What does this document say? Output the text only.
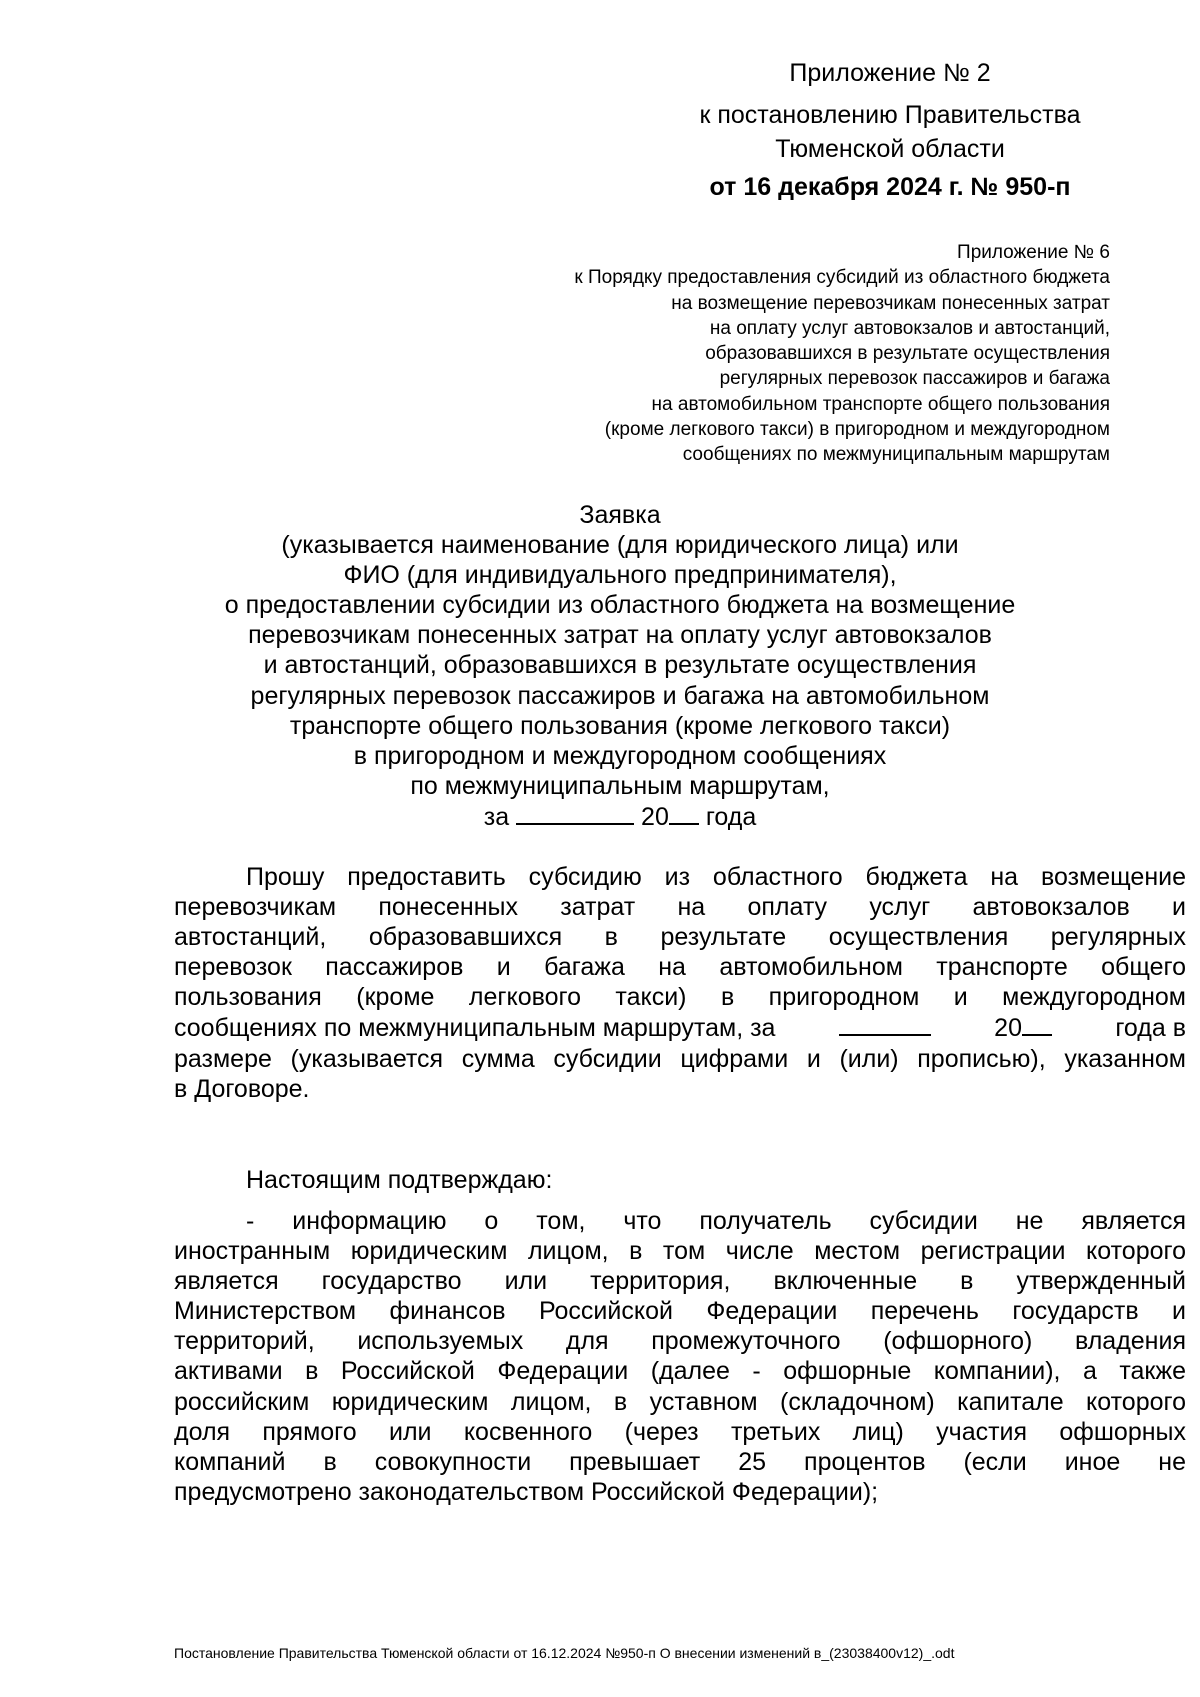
Приложение № 2
к постановлению Правительства
Тюменской области
от 16 декабря 2024 г. № 950-п
Приложение № 6
к Порядку предоставления субсидий из областного бюджета
на возмещение перевозчикам понесенных затрат
на оплату услуг автовокзалов и автостанций,
образовавшихся в результате осуществления
регулярных перевозок пассажиров и багажа
на автомобильном транспорте общего пользования
(кроме легкового такси) в пригородном и междугородном
сообщениях по межмуниципальным маршрутам
Заявка
(указывается наименование (для юридического лица) или
ФИО (для индивидуального предпринимателя),
о предоставлении субсидии из областного бюджета на возмещение
перевозчикам понесенных затрат на оплату услуг автовокзалов
и автостанций, образовавшихся в результате осуществления
регулярных перевозок пассажиров и багажа на автомобильном
транспорте общего пользования (кроме легкового такси)
в пригородном и междугородном сообщениях
по межмуниципальным маршрутам,
за	20 года
Прошу предоставить субсидию из областного бюджета на возмещение
перевозчикам понесенных затрат на оплату услуг автовокзалов и
автостанций, образовавшихся в результате осуществления регулярных
перевозок пассажиров и багажа на автомобильном транспорте общего
пользования (кроме легкового такси) в пригородном и междугородном
сообщениях по межмуниципальным маршрутам, за	20	года в
размере (указывается сумма субсидии цифрами и (или) прописью), указанном
в Договоре.
Настоящим подтверждаю:
- информацию о том, что получатель субсидии не является
иностранным юридическим лицом, в том числе местом регистрации которого
является государство или территория, включенные в утвержденный
Министерством финансов Российской Федерации перечень государств и
территорий, используемых для промежуточного (офшорного) владения
активами в Российской Федерации (далее - офшорные компании), а также
российским юридическим лицом, в уставном (складочном) капитале которого
доля прямого или косвенного (через третьих лиц) участия офшорных
компаний в совокупности превышает 25 процентов (если иное не
предусмотрено законодательством Российской Федерации);
Постановление Правительства Тюменской области от 16.12.2024 №950-п О внесении изменений в_(23038400v12)_.odt
